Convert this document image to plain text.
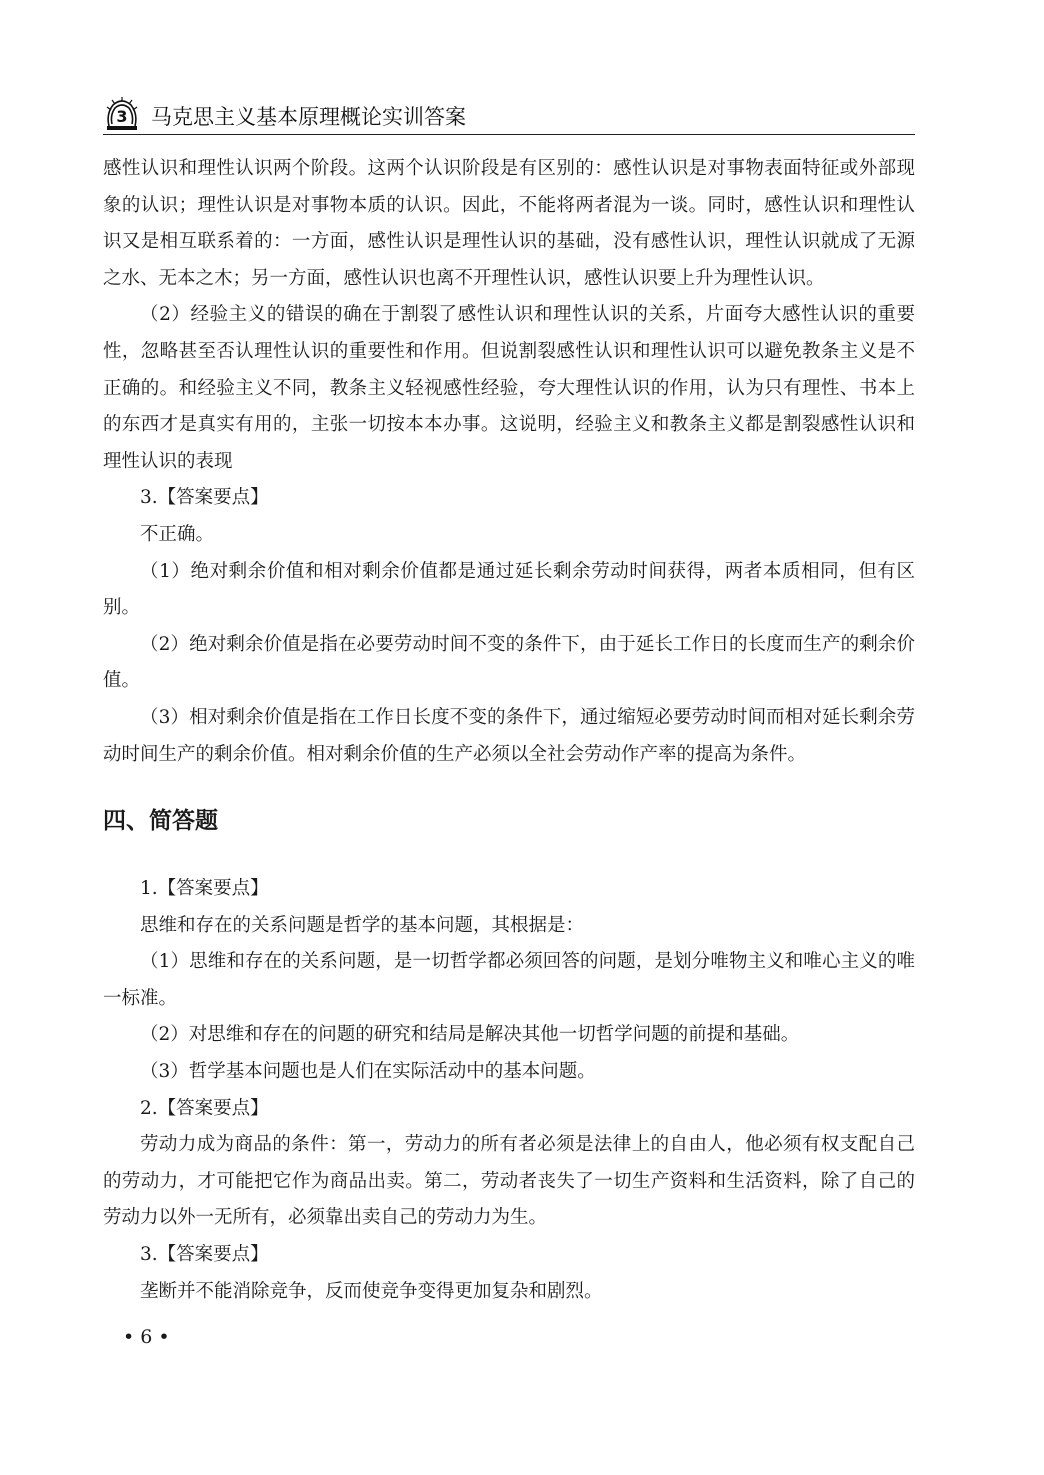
3 马克思主义基本原理概论实训答案

感性认识和理性认识两个阶段。这两个认识阶段是有区别的：感性认识是对事物表面特征或外部现象的认识；理性认识是对事物本质的认识。因此，不能将两者混为一谈。同时，感性认识和理性认识又是相互联系着的：一方面，感性认识是理性认识的基础，没有感性认识，理性认识就成了无源之水、无本之木；另一方面，感性认识也离不开理性认识，感性认识要上升为理性认识。

（2）经验主义的错误的确在于割裂了感性认识和理性认识的关系，片面夸大感性认识的重要性，忽略甚至否认理性认识的重要性和作用。但说割裂感性认识和理性认识可以避免教条主义是不正确的。和经验主义不同，教条主义轻视感性经验，夸大理性认识的作用，认为只有理性、书本上的东西才是真实有用的，主张一切按本本办事。这说明，经验主义和教条主义都是割裂感性认识和理性认识的表现

3.【答案要点】

不正确。

（1）绝对剩余价值和相对剩余价值都是通过延长剩余劳动时间获得，两者本质相同，但有区别。

（2）绝对剩余价值是指在必要劳动时间不变的条件下，由于延长工作日的长度而生产的剩余价值。

（3）相对剩余价值是指在工作日长度不变的条件下，通过缩短必要劳动时间而相对延长剩余劳动时间生产的剩余价值。相对剩余价值的生产必须以全社会劳动作产率的提高为条件。

四、简答题

1.【答案要点】

思维和存在的关系问题是哲学的基本问题，其根据是：

（1）思维和存在的关系问题，是一切哲学都必须回答的问题，是划分唯物主义和唯心主义的唯一标准。

（2）对思维和存在的问题的研究和结局是解决其他一切哲学问题的前提和基础。

（3）哲学基本问题也是人们在实际活动中的基本问题。

2.【答案要点】

劳动力成为商品的条件：第一，劳动力的所有者必须是法律上的自由人，他必须有权支配自己的劳动力，才可能把它作为商品出卖。第二，劳动者丧失了一切生产资料和生活资料，除了自己的劳动力以外一无所有，必须靠出卖自己的劳动力为生。

3.【答案要点】

垄断并不能消除竞争，反而使竞争变得更加复杂和剧烈。

• 6 •
